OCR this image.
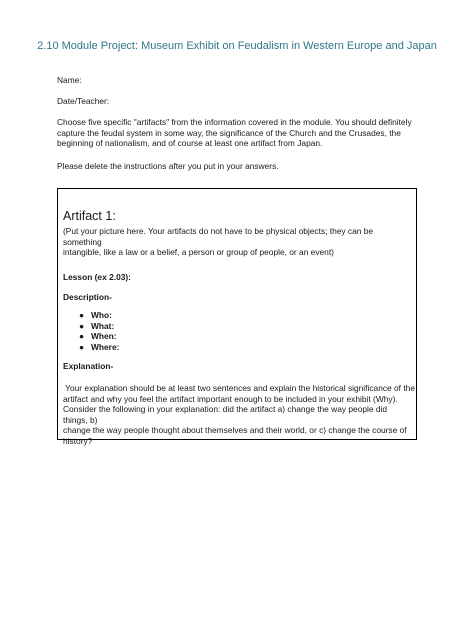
2.10 Module Project: Museum Exhibit on Feudalism in Western Europe and Japan

Name:

Date/Teacher:

Choose five specific "artifacts" from the information covered in the module. You should definitely
capture the feudal system in some way, the significance of the Church and the Crusades, the
beginning of nationalism, and of course at least one artifact from Japan.

Please delete the instructions after you put in your answers.

Artifact 1:
(Put your picture here. Your artifacts do not have to be physical objects; they can be something
intangible, like a law or a belief, a person or group of people, or an event)
Lesson (ex 2.03):
Description-
● Who:
● What:
● When:
● Where:
Explanation-
Your explanation should be at least two sentences and explain the historical significance of the
artifact and why you feel the artifact important enough to be included in your exhibit (Why).
Consider the following in your explanation: did the artifact a) change the way people did things, b)
change the way people thought about themselves and their world, or c) change the course of
history?
